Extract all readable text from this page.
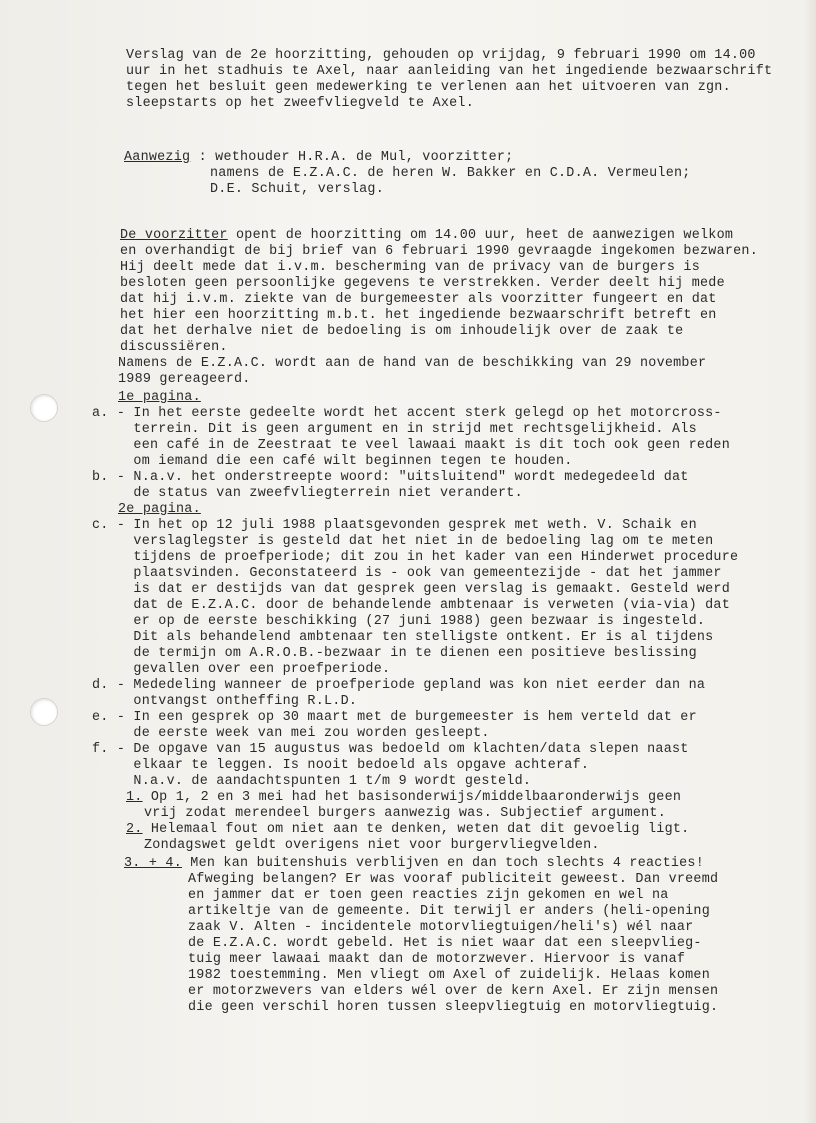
Verslag van de 2e hoorzitting, gehouden op vrijdag, 9 februari 1990 om 14.00
uur in het stadhuis te Axel, naar aanleiding van het ingediende bezwaarschrift
tegen het besluit geen medewerking te verlenen aan het uitvoeren van zgn.
sleepstarts op het zweefvliegveld te Axel.
Aanwezig : wethouder H.R.A. de Mul, voorzitter;
namens de E.Z.A.C. de heren W. Bakker en C.D.A. Vermeulen;
D.E. Schuit, verslag.
De voorzitter opent de hoorzitting om 14.00 uur, heet de aanwezigen welkom
en overhandigt de bij brief van 6 februari 1990 gevraagde ingekomen bezwaren.
Hij deelt mede dat i.v.m. bescherming van de privacy van de burgers is
besloten geen persoonlijke gegevens te verstrekken. Verder deelt hij mede
dat hij i.v.m. ziekte van de burgemeester als voorzitter fungeert en dat
het hier een hoorzitting m.b.t. het ingediende bezwaarschrift betreft en
dat het derhalve niet de bedoeling is om inhoudelijk over de zaak te
discussiëren.
Namens de E.Z.A.C. wordt aan de hand van de beschikking van 29 november
1989 gereageerd.
1e pagina.
a. - In het eerste gedeelte wordt het accent sterk gelegd op het motorcross-
terrein. Dit is geen argument en in strijd met rechtsgelijkheid. Als
een café in de Zeestraat te veel lawaai maakt is dit toch ook geen reden
om iemand die een café wilt beginnen tegen te houden.
b. - N.a.v. het onderstreepte woord: "uitsluitend" wordt medegedeeld dat
de status van zweefvliegterrein niet verandert.
2e pagina.
c. - In het op 12 juli 1988 plaatsgevonden gesprek met weth. V. Schaik en
verslaglegster is gesteld dat het niet in de bedoeling lag om te meten
tijdens de proefperiode; dit zou in het kader van een Hinderwet procedure
plaatsvinden. Geconstateerd is - ook van gemeentezijde - dat het jammer
is dat er destijds van dat gesprek geen verslag is gemaakt. Gesteld werd
dat de E.Z.A.C. door de behandelende ambtenaar is verweten (via-via) dat
er op de eerste beschikking (27 juni 1988) geen bezwaar is ingesteld.
Dit als behandelend ambtenaar ten stelligste ontkent. Er is al tijdens
de termijn om A.R.O.B.-bezwaar in te dienen een positieve beslissing
gevallen over een proefperiode.
d. - Mededeling wanneer de proefperiode gepland was kon niet eerder dan na
ontvangst ontheffing R.L.D.
e. - In een gesprek op 30 maart met de burgemeester is hem verteld dat er
de eerste week van mei zou worden gesleept.
f. - De opgave van 15 augustus was bedoeld om klachten/data slepen naast
elkaar te leggen. Is nooit bedoeld als opgave achteraf.
N.a.v. de aandachtspunten 1 t/m 9 wordt gesteld.
1. Op 1, 2 en 3 mei had het basisonderwijs/middelbaaronderwijs geen
vrij zodat merendeel burgers aanwezig was. Subjectief argument.
2. Helemaal fout om niet aan te denken, weten dat dit gevoelig ligt.
Zondagswet geldt overigens niet voor burgervliegvelden.
3. + 4. Men kan buitenshuis verblijven en dan toch slechts 4 reacties!
Afweging belangen? Er was vooraf publiciteit geweest. Dan vreemd
en jammer dat er toen geen reacties zijn gekomen en wel na
artikeltje van de gemeente. Dit terwijl er anders (heli-opening
zaak V. Alten - incidentele motorvliegtuigen/heli's) wél naar
de E.Z.A.C. wordt gebeld. Het is niet waar dat een sleepvlieg-
tuig meer lawaai maakt dan de motorzwever. Hiervoor is vanaf
1982 toestemming. Men vliegt om Axel of zuidelijk. Helaas komen
er motorzwevers van elders wél over de kern Axel. Er zijn mensen
die geen verschil horen tussen sleepvliegtuig en motorvliegtuig.
